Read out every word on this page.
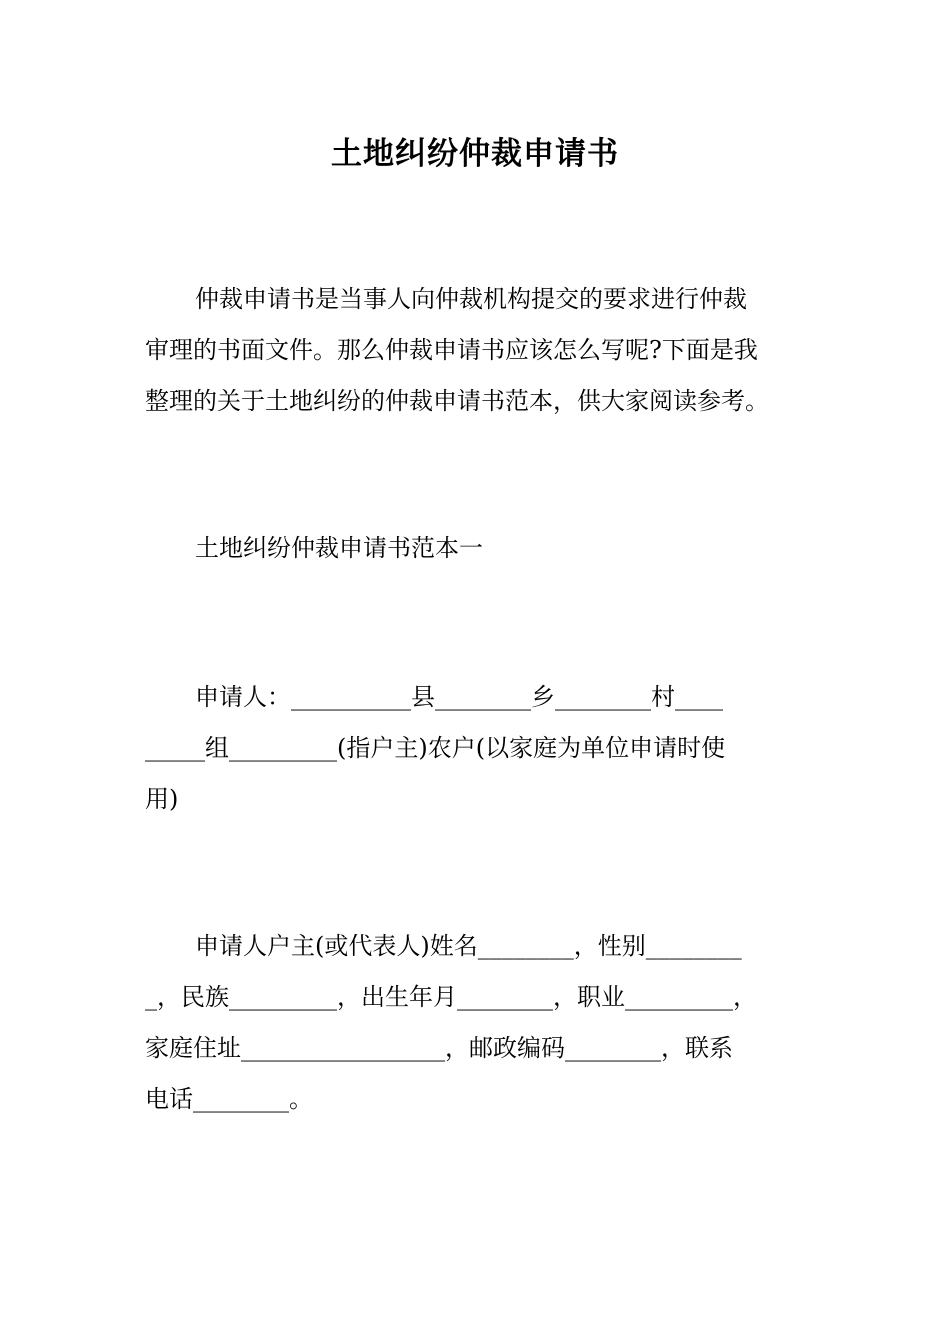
土地纠纷仲裁申请书

仲裁申请书是当事人向仲裁机构提交的要求进行仲裁

审理的书面文件。那么仲裁申请书应该怎么写呢?下面是我

整理的关于土地纠纷的仲裁申请书范本，供大家阅读参考。

土地纠纷仲裁申请书范本一

申请人：__________县________乡________村____

_____组_________(指户主)农户(以家庭为单位申请时使

用)

申请人户主(或代表人)姓名________，性别________

_，民族_________，出生年月________，职业_________，

家庭住址_________________，邮政编码________，联系

电话________。
